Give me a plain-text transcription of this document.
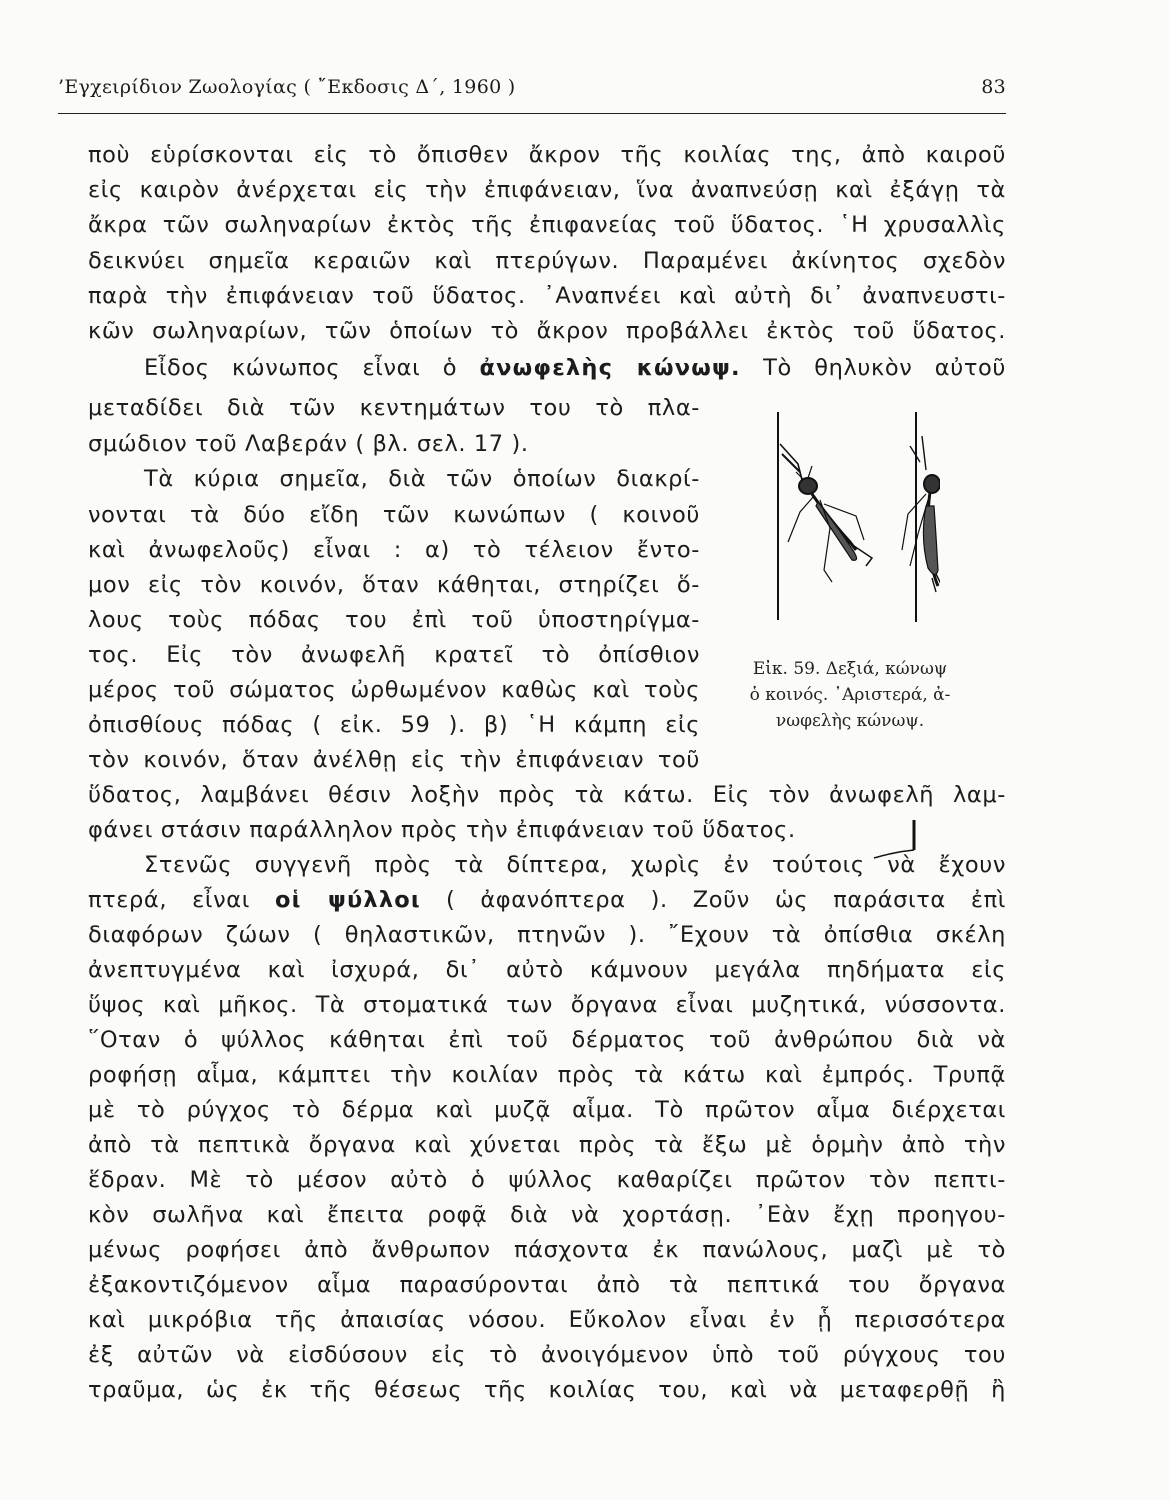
’Εγχειρίδιον Ζωολογίας ( ῎Εκδοσις Δ΄, 1960 )	83
ποὺ εὑρίσκονται εἰς τὸ ὄπισθεν ἄκρον τῆς κοιλίας της, ἀπὸ καιροῦ
εἰς καιρὸν ἀνέρχεται εἰς τὴν ἐπιφάνειαν, ἵνα ἀναπνεύσῃ καὶ ἐξάγῃ τὰ
ἄκρα τῶν σωληναρίων ἐκτὸς τῆς ἐπιφανείας τοῦ ὕδατος. ῾Η χρυσαλλὶς
δεικνύει σημεῖα κεραιῶν καὶ πτερύγων. Παραμένει ἀκίνητος σχεδὸν
παρὰ τὴν ἐπιφάνειαν τοῦ ὕδατος. ᾿Αναπνέει καὶ αὐτὴ δι᾿ ἀναπνευστι-
κῶν σωληναρίων, τῶν ὁποίων τὸ ἄκρον προβάλλει ἐκτὸς τοῦ ὕδατος.
Εἶδος κώνωπος εἶναι ὁ ἀνωφελὴς κώνωψ. Τὸ θηλυκὸν αὐτοῦ
μεταδίδει διὰ τῶν κεντημάτων του τὸ πλα-
σμώδιον τοῦ Λαβεράν ( βλ. σελ. 17 ).
Τὰ κύρια σημεῖα, διὰ τῶν ὁποίων διακρί-
νονται τὰ δύο εἴδη τῶν κωνώπων ( κοινοῦ
καὶ ἀνωφελοῦς) εἶναι : α) τὸ τέλειον ἔντο-
μον εἰς τὸν κοινόν, ὅταν κάθηται, στηρίζει ὅ-
λους τοὺς πόδας του ἐπὶ τοῦ ὑποστηρίγμα-
τος. Εἰς τὸν ἀνωφελῆ κρατεῖ τὸ ὀπίσθιον
μέρος τοῦ σώματος ὠρθωμένον καθὼς καὶ τοὺς
ὀπισθίους πόδας ( εἰκ. 59 ). β) ῾Η κάμπη εἰς
τὸν κοινόν, ὅταν ἀνέλθῃ εἰς τὴν ἐπιφάνειαν τοῦ
ὕδατος, λαμβάνει θέσιν λοξὴν πρὸς τὰ κάτω. Εἰς τὸν ἀνωφελῆ λαμ-
φάνει στάσιν παράλληλον πρὸς τὴν ἐπιφάνειαν τοῦ ὕδατος.
Στενῶς συγγενῆ πρὸς τὰ δίπτερα, χωρὶς ἐν τούτοις νὰ ἔχουν
πτερά, εἶναι οἱ ψύλλοι ( ἀφανόπτερα ). Ζοῦν ὡς παράσιτα ἐπὶ
διαφόρων ζώων ( θηλαστικῶν, πτηνῶν ). ῎Εχουν τὰ ὀπίσθια σκέλη
ἀνεπτυγμένα καὶ ἰσχυρά, δι᾿ αὐτὸ κάμνουν μεγάλα πηδήματα εἰς
ὕψος καὶ μῆκος. Τὰ στοματικά των ὄργανα εἶναι μυζητικά, νύσσοντα.
῞Οταν ὁ ψύλλος κάθηται ἐπὶ τοῦ δέρματος τοῦ ἀνθρώπου διὰ νὰ
ροφήσῃ αἷμα, κάμπτει τὴν κοιλίαν πρὸς τὰ κάτω καὶ ἐμπρός. Τρυπᾷ
μὲ τὸ ρύγχος τὸ δέρμα καὶ μυζᾷ αἷμα. Τὸ πρῶτον αἷμα διέρχεται
ἀπὸ τὰ πεπτικὰ ὄργανα καὶ χύνεται πρὸς τὰ ἔξω μὲ ὁρμὴν ἀπὸ τὴν
ἕδραν. Μὲ τὸ μέσον αὐτὸ ὁ ψύλλος καθαρίζει πρῶτον τὸν πεπτι-
κὸν σωλῆνα καὶ ἔπειτα ροφᾷ διὰ νὰ χορτάσῃ. ᾿Εὰν ἔχῃ προηγου-
μένως ροφήσει ἀπὸ ἄνθρωπον πάσχοντα ἐκ πανώλους, μαζὶ μὲ τὸ
ἐξακοντιζόμενον αἷμα παρασύρονται ἀπὸ τὰ πεπτικά του ὄργανα
καὶ μικρόβια τῆς ἀπαισίας νόσου. Εὔκολον εἶναι ἐν ᾗ περισσότερα
ἐξ αὐτῶν νὰ εἰσδύσουν εἰς τὸ ἀνοιγόμενον ὑπὸ τοῦ ρύγχους του
τραῦμα, ὡς ἐκ τῆς θέσεως τῆς κοιλίας του, καὶ νὰ μεταφερθῇ ἢ
Εἰκ. 59. Δεξιά, κώνωψ
ὁ κοινός. ᾿Αριστερά, ἀ-
νωφελὴς κώνωψ.
